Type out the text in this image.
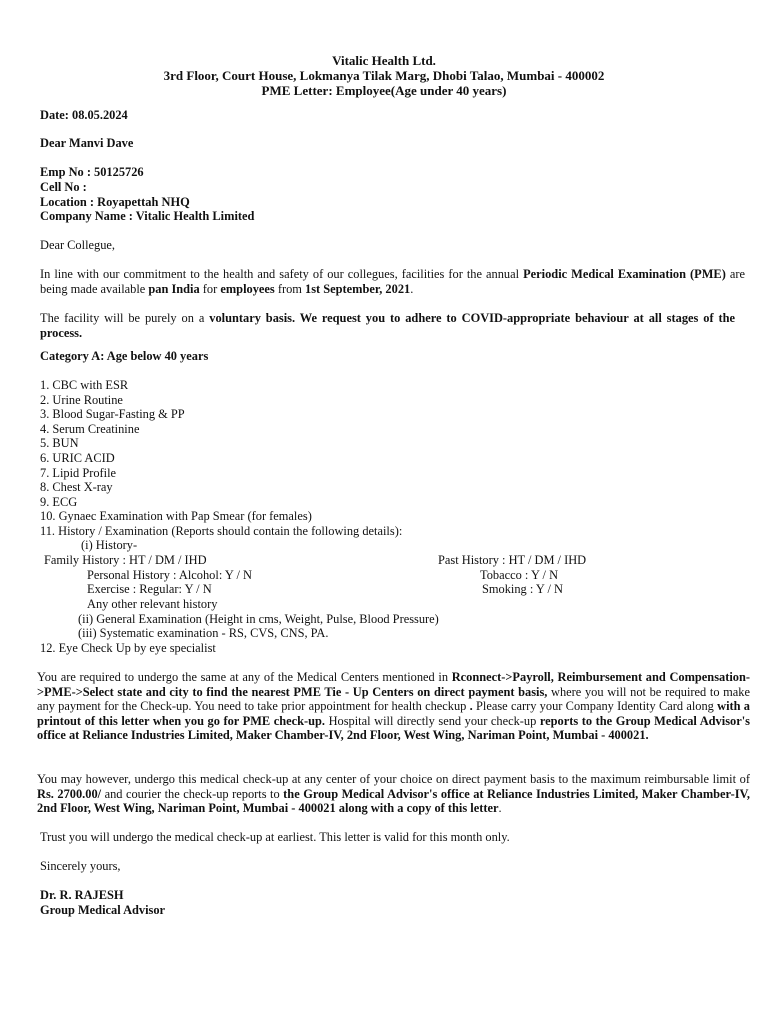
Vitalic Health Ltd.
3rd Floor, Court House, Lokmanya Tilak Marg, Dhobi Talao, Mumbai - 400002
PME Letter: Employee(Age under 40 years)
Date: 08.05.2024
Dear Manvi Dave
Emp No : 50125726
Cell No :
Location : Royapettah NHQ
Company Name : Vitalic Health Limited
Dear Collegue,
In line with our commitment to the health and safety of our collegues, facilities for the annual Periodic Medical Examination (PME) are being made available pan India for employees from 1st September, 2021.
The facility will be purely on a voluntary basis. We request you to adhere to COVID-appropriate behaviour at all stages of the process.
Category A: Age below 40 years
1. CBC with ESR
2. Urine Routine
3. Blood Sugar-Fasting & PP
4. Serum Creatinine
5. BUN
6. URIC ACID
7. Lipid Profile
8. Chest X-ray
9. ECG
10. Gynaec Examination with Pap Smear (for females)
11. History / Examination (Reports should contain the following details):
(i) History-
Family History : HT / DM / IHD	Past History : HT / DM / IHD
Personal History : Alcohol: Y / N	Tobacco : Y / N
Exercise : Regular: Y / N	Smoking : Y / N
Any other relevant history
(ii) General Examination (Height in cms, Weight, Pulse, Blood Pressure)
(iii) Systematic examination - RS, CVS, CNS, PA.
12. Eye Check Up by eye specialist
You are required to undergo the same at any of the Medical Centers mentioned in Rconnect->Payroll, Reimbursement and Compensation->PME->Select state and city to find the nearest PME Tie - Up Centers on direct payment basis, where you will not be required to make any payment for the Check-up. You need to take prior appointment for health checkup . Please carry your Company Identity Card along with a printout of this letter when you go for PME check-up. Hospital will directly send your check-up reports to the Group Medical Advisor's office at Reliance Industries Limited, Maker Chamber-IV, 2nd Floor, West Wing, Nariman Point, Mumbai - 400021.
You may however, undergo this medical check-up at any center of your choice on direct payment basis to the maximum reimbursable limit of Rs. 2700.00/ and courier the check-up reports to the Group Medical Advisor's office at Reliance Industries Limited, Maker Chamber-IV, 2nd Floor, West Wing, Nariman Point, Mumbai - 400021 along with a copy of this letter.
Trust you will undergo the medical check-up at earliest. This letter is valid for this month only.
Sincerely yours,
Dr. R. RAJESH
Group Medical Advisor
